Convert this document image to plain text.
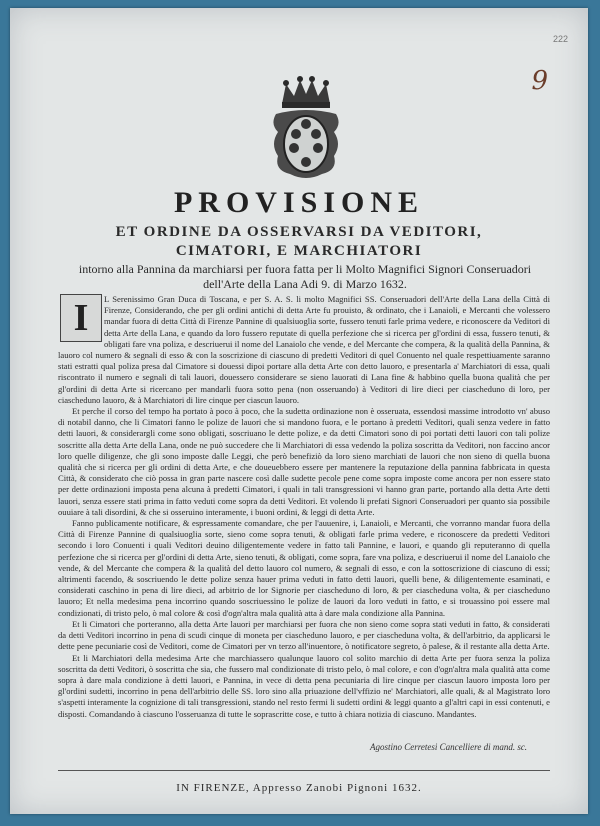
222
9
PROVISIONE
ET ORDINE DA OSSERVARSI DA VEDITORI,
CIMATORI, E MARCHIATORI
intorno alla Pannina da marchiarsi per fuora fatta per li Molto Magnifici Signori Conseruadori dell'Arte della Lana Adi 9. di Marzo 1632.

L Serenissimo Gran Duca di Toscana, e per S. A. S. li molto Magnifici SS. Conseruadori dell'Arte della Lana della Città di Firenze, Considerando, che per gli ordini antichi di detta Arte fu prouisto, & ordinato, che i Lanaioli, e Mercanti che volessero mandar fuora di detta Città di Firenze Pannine di qualsiuoglia sorte, fussero tenuti farle prima vedere, e riconoscere da Veditori di detta Arte della Lana, e quando da loro fussero reputate di quella perfezione che si ricerca per gl'ordini di essa, fussero tenuti, & obligati fare vna poliza, e descriuerui il nome del Lanaiolo che vende, e del Mercante che compera, & la qualità della Pannina, & lauoro col numero & segnali di esso & con la soscrizione di ciascuno di predetti Veditori di quel Conuento nel quale respettiuamente saranno stati estratti qual poliza presa dal Cimatore si douessi dipoi portare alla detta Arte con detto lauoro, e presentarla a' Marchiatori di essa, quali riscontrato il numero e segnali di tali lauori, douessero considerare se sieno lauorati di Lana fine & habbino quella buona qualità che per gl'ordini di detta Arte si ricercano per mandarli fuora sotto pena (non osseruando) à Veditori di lire dieci per ciascheduno di loro, per ciascheduno lauoro, & à Marchiatori di lire cinque per ciascun lauoro.

Et perche il corso del tempo ha portato à poco à poco, che la sudetta ordinazione non è osseruata, essendosi massime introdotto vn' abuso di notabil danno, che li Cimatori fanno le polize de lauori che si mandono fuora, e le portano à predetti Veditori, quali senza vedere in fatto detti lauori, & considerargli come sono obligati, soscriuano le dette polize, e da detti Cimatori sono di poi portati detti lauori con tali polize soscritte alla detta Arte della Lana, onde ne può succedere che li Marchiatori di essa vedendo la poliza soscritta da Veditori, non faccino ancor loro quelle diligenze, che gli sono imposte dalle Leggi, che però benefiziò da loro sieno marchiati de lauori che non sieno di quella buona qualità che si ricerca per gli ordini di detta Arte, e che doueuebbero essere per mantenere la reputazione della pannina fabbricata in questa Città, & considerato che ciò possa in gran parte nascere così dalle sudette pecole pene come sopra imposte come ancora per non essere stato per dette ordinazioni imposta pena alcuna à predetti Cimatori, i quali in tali transgressioni vi hanno gran parte, portando alla detta Arte detti lauori, senza essere stati prima in fatto veduti come sopra da detti Veditori. Et volendo li prefati Signori Conseruadori per quanto sia possibile ouuiare à tali disordini, & che si osseruino interamente, i buoni ordini, & leggi di detta Arte.

Fanno publicamente notificare, & espressamente comandare, che per l'auuenire, i, Lanaioli, e Mercanti, che vorranno mandar fuora della Città di Firenze Pannine di qualsiuoglia sorte, sieno come sopra tenuti, & obligati farle prima vedere, e riconoscere da predetti Veditori secondo i loro Conuenti i quali Veditori deuino diligentemente vedere in fatto tali Pannine, e lauori, e quando gli reputeranno di quella perfezione che si ricerca per gl'ordini di detta Arte, sieno tenuti, & obligati, come sopra, fare vna poliza, e descriuerui il nome del Lanaiolo che vende, & del Mercante che compera & la qualità del detto lauoro col numero, & segnali di esso, e con la sottoscrizione di ciascuno di essi; altrimenti facendo, & soscriuendo le dette polize senza hauer prima veduti in fatto detti lauori, quelli bene, & diligentemente esaminati, e considerati caschino in pena di lire dieci, ad arbitrio de lor Signorie per ciascheduno di loro, & per ciascheduna volta, & per ciascheduno lauoro; Et nella medesima pena incorrino quando soscriuessino le polize de lauori da loro veduti in fatto, e si trouassino poi essere mal condizionati, di tristo pelo, ò mal colore & così d'ogn'altra mala qualità atta à dare mala condizione alla Pannina.

Et li Cimatori che porteranno, alla detta Arte lauori per marchiarsi per fuora che non sieno come sopra stati veduti in fatto, & considerati da detti Veditori incorrino in pena di scudi cinque di moneta per ciascheduno lauoro, e per ciascheduna volta, & dell'arbitrio, da applicarsi le dette pene pecuniarie così de Veditori, come de Cimatori per vn terzo all'inuentore, ò notificatore segreto, ò palese, & il restante alla detta Arte.

Et li Marchiatori della medesima Arte che marchiassero qualunque lauoro col solito marchio di detta Arte per fuora senza la poliza soscritta da detti Veditori, ò soscritta che sia, che fussero mal condizionate di tristo pelo, ò mal colore, e con d'ogn'altra mala qualità atta come sopra à dare mala condizione à detti lauori, e Pannina, in vece di detta pena pecuniaria di lire cinque per ciascun lauoro imposta loro per gl'ordini sudetti, incorrino in pena dell'arbitrio delle SS. loro sino alla priuazione dell'vffizio ne' Marchiatori, alle quali, & al Magistrato loro s'aspetti interamente la cognizione di tali transgressioni, stando nel resto fermi li sudetti ordini & leggi quanto a gl'altri capi in essi contenuti, e disposti. Comandando à ciascuno l'osseruanza di tutte le soprascritte cose, e tutto à chiara notizia di ciascuno. Mandantes.

I
Agostino Cerretesi Cancelliere di mand. sc.
IN FIRENZE, Appresso Zanobi Pignoni 1632.
